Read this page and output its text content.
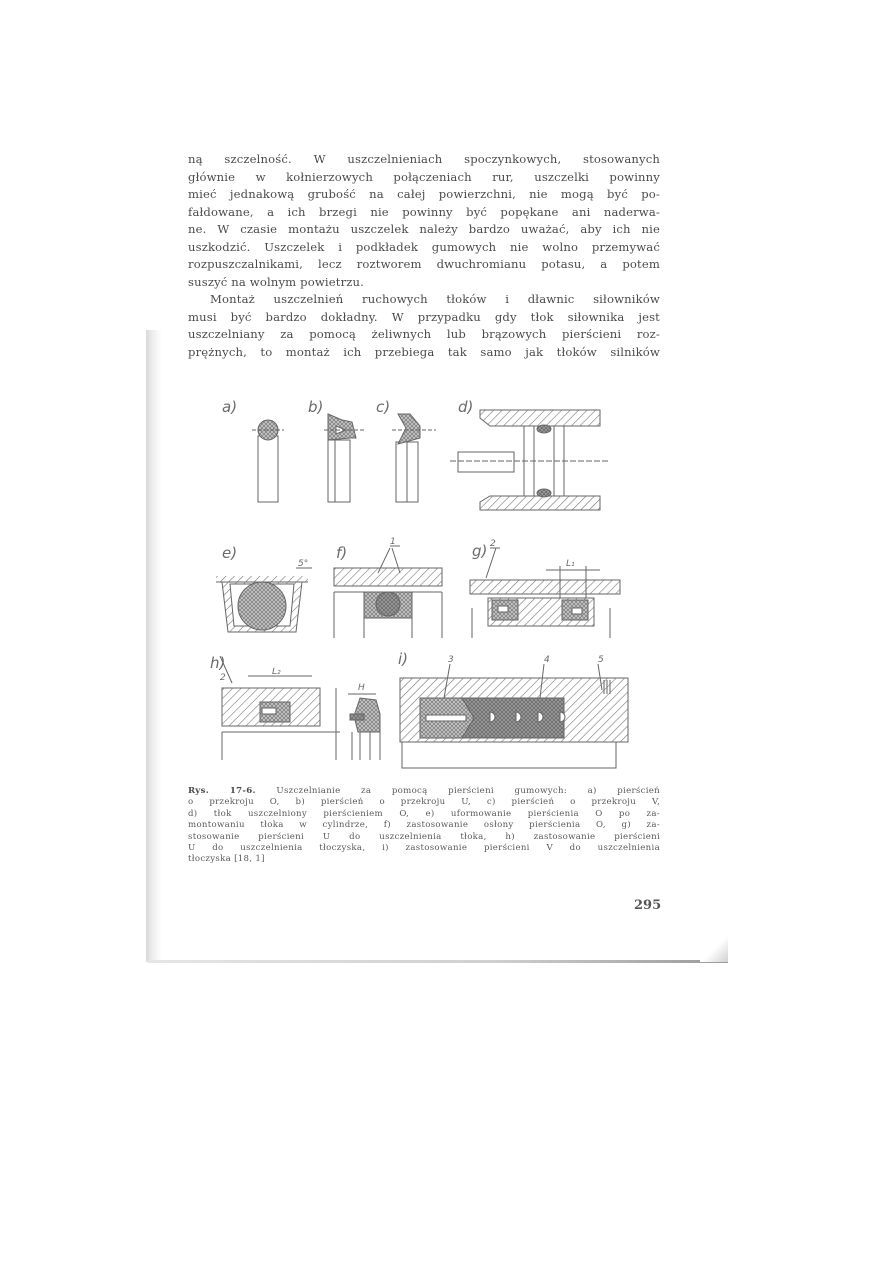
ną szczelność. W uszczelnieniach spoczynkowych, stosowanych
głównie w kołnierzowych połączeniach rur, uszczelki powinny
mieć jednakową grubość na całej powierzchni, nie mogą być po-
fałdowane, a ich brzegi nie powinny być popękane ani naderwa-
ne. W czasie montażu uszczelek należy bardzo uważać, aby ich nie
uszkodzić. Uszczelek i podkładek gumowych nie wolno przemywać
rozpuszczalnikami, lecz roztworem dwuchromianu potasu, a potem
suszyć na wolnym powietrzu.

Montaż uszczelnień ruchowych tłoków i dławnic siłowników
musi być bardzo dokładny. W przypadku gdy tłok siłownika jest
uszczelniany za pomocą żeliwnych lub brązowych pierścieni roz-
prężnych, to montaż ich przebiega tak samo jak tłoków silników

a)	b)	c)	d)
e)	f)	g)
h)	i)
5°
1	2
L₁
2
L₂
H
3	4	5
Rys. 17-6. Uszczelnianie za pomocą pierścieni gumowych: a) pierścień
o przekroju O, b) pierścień o przekroju U, c) pierścień o przekroju V,
d) tłok uszczelniony pierścieniem O, e) uformowanie pierścienia O po za-
montowaniu tłoka w cylindrze, f) zastosowanie osłony pierścienia O, g) za-
stosowanie pierścieni U do uszczelnienia tłoka, h) zastosowanie pierścieni
U do uszczelnienia tłoczyska, i) zastosowanie pierścieni V do uszczelnienia
tłoczyska [18, 1]
295
